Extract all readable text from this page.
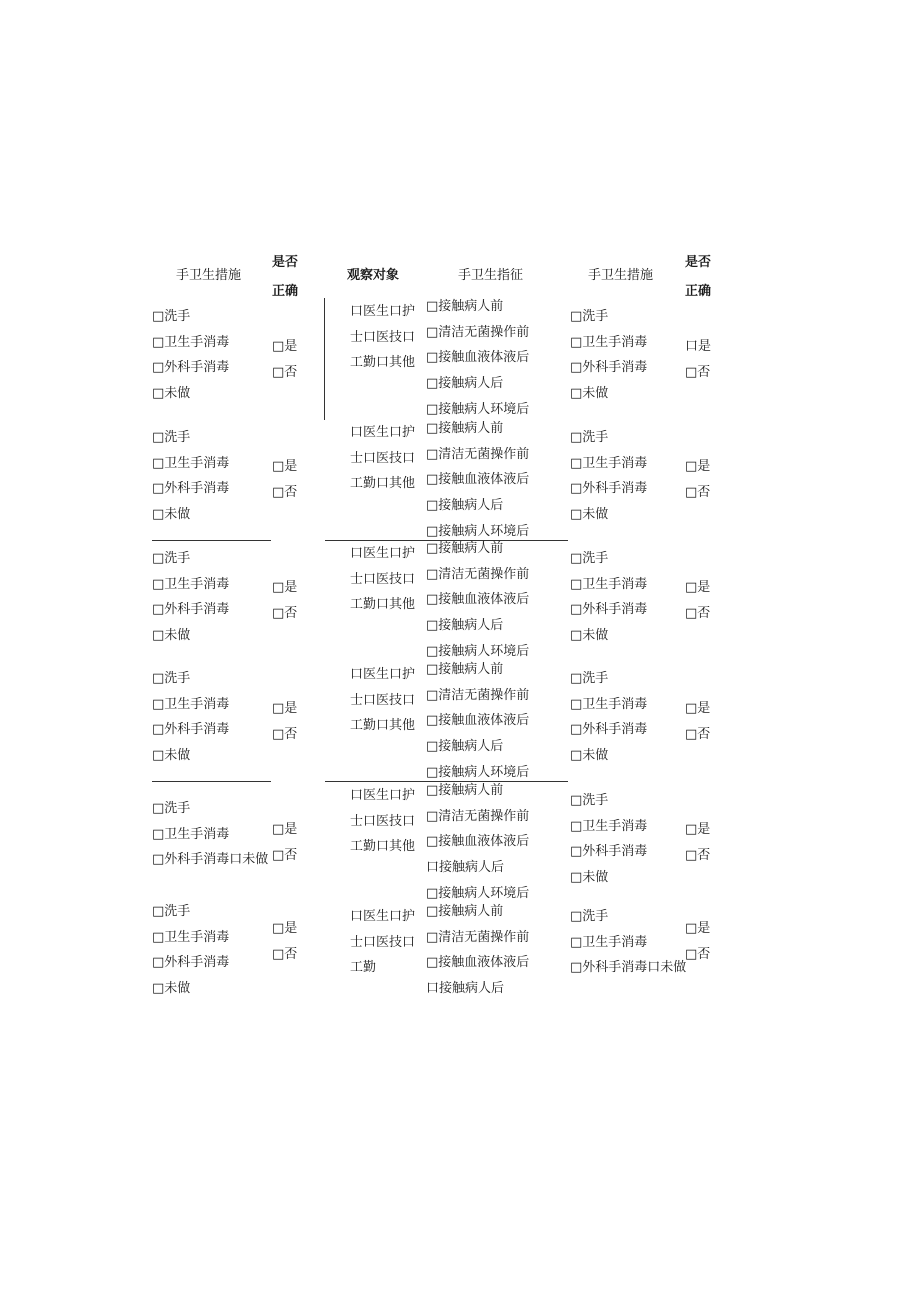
手卫生措施
是否
正确
观察对象	手卫生指征	手卫生措施
是否
正确
□洗手
□卫生手消毒
□外科手消毒
□未做
□是
□否
口医生口护
士口医技口
工勤口其他
□接触病人前
□清洁无菌操作前
□接触血液体液后
□接触病人后
□接触病人环境后
□洗手
□卫生手消毒
□外科手消毒
□未做
口是
□否
□洗手
□卫生手消毒
□外科手消毒
□未做
□是
□否
口医生口护
士口医技口
工勤口其他
□接触病人前
□清洁无菌操作前
□接触血液体液后
□接触病人后
□接触病人环境后
□洗手
□卫生手消毒
□外科手消毒
□未做
□是
□否
□洗手
□卫生手消毒
□外科手消毒
□未做
□是
□否
口医生口护
士口医技口
工勤口其他
□接触病人前
□清洁无菌操作前
□接触血液体液后
□接触病人后
□接触病人环境后
□洗手
□卫生手消毒
□外科手消毒
□未做
□是
□否
□洗手
□卫生手消毒
□外科手消毒
□未做
□是
□否
口医生口护
士口医技口
工勤口其他
□接触病人前
□清洁无菌操作前
□接触血液体液后
□接触病人后
□接触病人环境后
□洗手
□卫生手消毒
□外科手消毒
□未做
□是
□否
□洗手
□卫生手消毒
□外科手消毒口未做
□是
□否
口医生口护
士口医技口
工勤口其他
□接触病人前
□清洁无菌操作前
□接触血液体液后
口接触病人后
□接触病人环境后
□洗手
□卫生手消毒
□外科手消毒
□未做
□是
□否
□洗手
□卫生手消毒
□外科手消毒
□未做
□是
□否
口医生口护
士口医技口
工勤
□接触病人前
□清洁无菌操作前
□接触血液体液后
口接触病人后
□洗手
□卫生手消毒
□外科手消毒口未做
□是
□否
